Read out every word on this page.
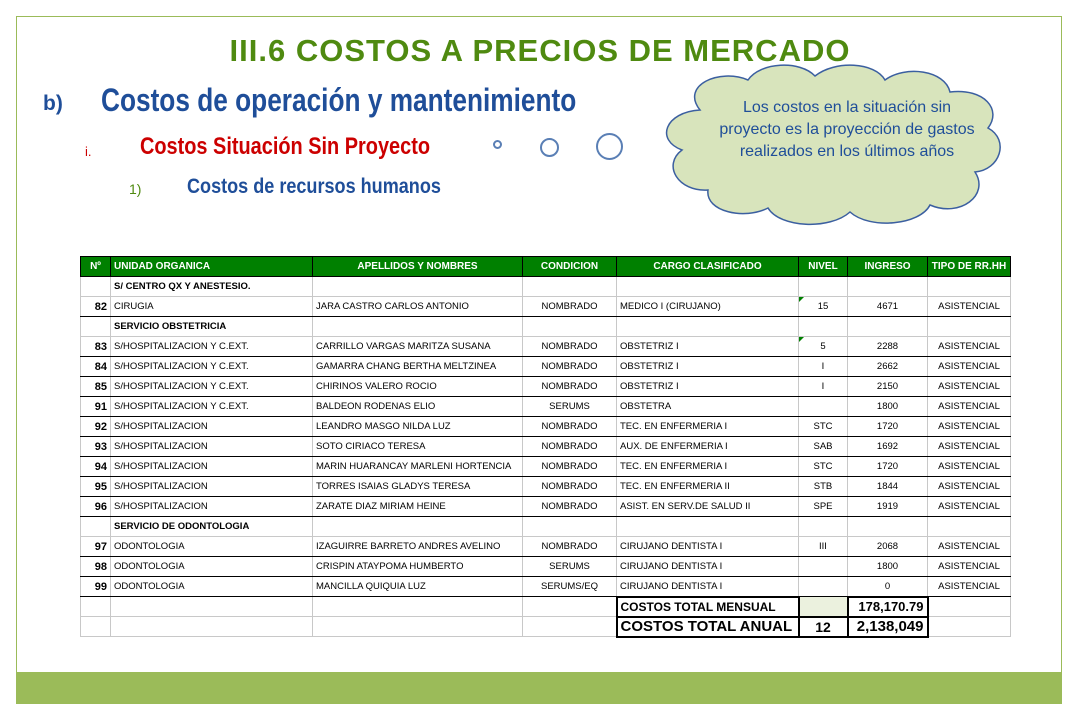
III.6 COSTOS A PRECIOS DE MERCADO
b) Costos de operación y mantenimiento
i. Costos Situación Sin Proyecto
1) Costos de recursos humanos
Los costos en la situación sin proyecto es la proyección de gastos realizados en los últimos años
Nº	UNIDAD ORGANICA	APELLIDOS Y NOMBRES	CONDICION	CARGO CLASIFICADO	NIVEL	INGRESO	TIPO DE RR.HH
	S/ CENTRO QX Y ANESTESIO.						
82	CIRUGIA	JARA CASTRO CARLOS ANTONIO	NOMBRADO	MEDICO I (CIRUJANO)	15	4671	ASISTENCIAL
	SERVICIO OBSTETRICIA						
83	S/HOSPITALIZACION Y C.EXT.	CARRILLO VARGAS MARITZA SUSANA	NOMBRADO	OBSTETRIZ I	5	2288	ASISTENCIAL
84	S/HOSPITALIZACION Y C.EXT.	GAMARRA CHANG BERTHA MELTZINEA	NOMBRADO	OBSTETRIZ I	I	2662	ASISTENCIAL
85	S/HOSPITALIZACION Y C.EXT.	CHIRINOS VALERO ROCIO	NOMBRADO	OBSTETRIZ I	I	2150	ASISTENCIAL
91	S/HOSPITALIZACION Y C.EXT.	BALDEON RODENAS ELIO	SERUMS	OBSTETRA		1800	ASISTENCIAL
92	S/HOSPITALIZACION	LEANDRO MASGO NILDA LUZ	NOMBRADO	TEC. EN ENFERMERIA I	STC	1720	ASISTENCIAL
93	S/HOSPITALIZACION	SOTO CIRIACO TERESA	NOMBRADO	AUX. DE ENFERMERIA I	SAB	1692	ASISTENCIAL
94	S/HOSPITALIZACION	MARIN HUARANCAY MARLENI HORTENCIA	NOMBRADO	TEC. EN ENFERMERIA I	STC	1720	ASISTENCIAL
95	S/HOSPITALIZACION	TORRES ISAIAS GLADYS TERESA	NOMBRADO	TEC. EN ENFERMERIA II	STB	1844	ASISTENCIAL
96	S/HOSPITALIZACION	ZARATE DIAZ MIRIAM HEINE	NOMBRADO	ASIST. EN SERV.DE SALUD II	SPE	1919	ASISTENCIAL
	SERVICIO DE ODONTOLOGIA						
97	ODONTOLOGIA	IZAGUIRRE BARRETO ANDRES AVELINO	NOMBRADO	CIRUJANO DENTISTA I	III	2068	ASISTENCIAL
98	ODONTOLOGIA	CRISPIN ATAYPOMA HUMBERTO	SERUMS	CIRUJANO DENTISTA I		1800	ASISTENCIAL
99	ODONTOLOGIA	MANCILLA QUIQUIA LUZ	SERUMS/EQ	CIRUJANO DENTISTA I		0	ASISTENCIAL
				COSTOS TOTAL MENSUAL		178,170.79	
				COSTOS TOTAL ANUAL	12	2,138,049	
